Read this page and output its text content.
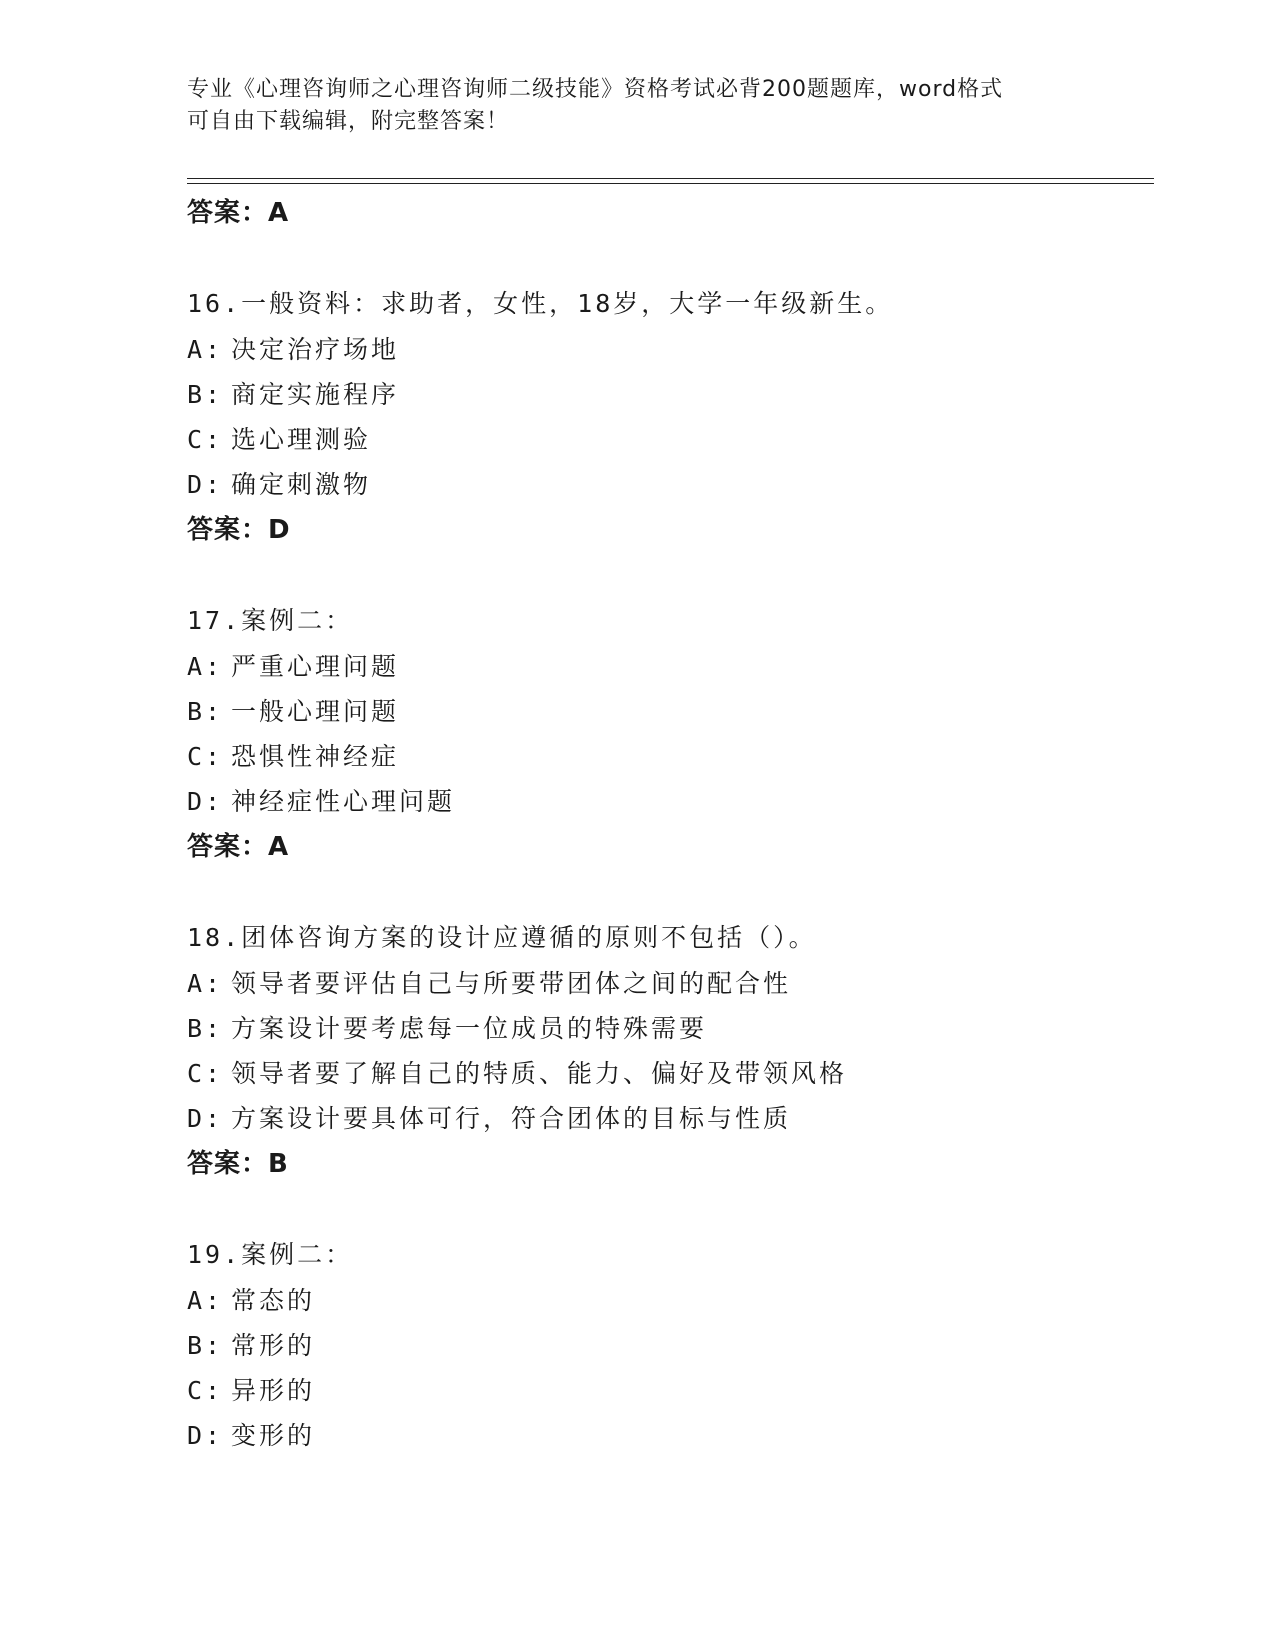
专业《心理咨询师之心理咨询师二级技能》资格考试必背200题题库，word格式
可自由下载编辑，附完整答案！
答案：A
16.一般资料：求助者，女性，18岁，大学一年级新生。
A: 决定治疗场地
B: 商定实施程序
C: 选心理测验
D: 确定刺激物
答案：D
17.案例二：
A: 严重心理问题
B: 一般心理问题
C: 恐惧性神经症
D: 神经症性心理问题
答案：A
18.团体咨询方案的设计应遵循的原则不包括（）。
A: 领导者要评估自己与所要带团体之间的配合性
B: 方案设计要考虑每一位成员的特殊需要
C: 领导者要了解自己的特质、能力、偏好及带领风格
D: 方案设计要具体可行，符合团体的目标与性质
答案：B
19.案例二：
A: 常态的
B: 常形的
C: 异形的
D: 变形的
